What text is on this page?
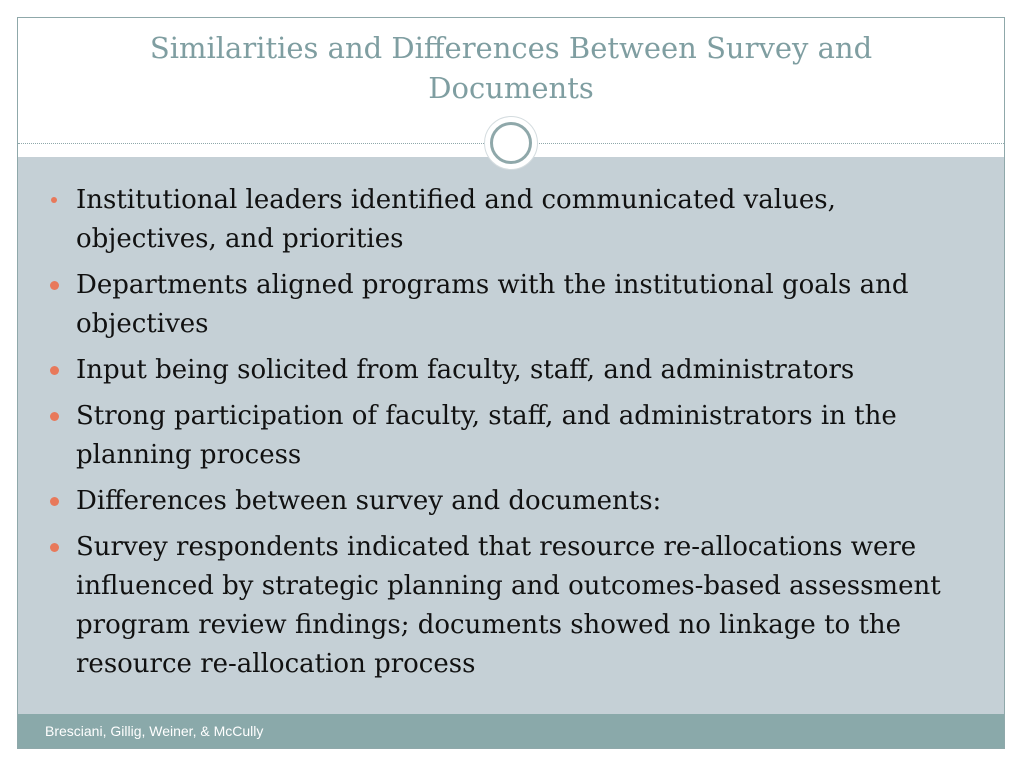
Similarities and Differences Between Survey and Documents
Institutional leaders identified and communicated values, objectives, and priorities
Departments aligned programs with the institutional goals and objectives
Input being solicited from faculty, staff, and administrators
Strong participation of faculty, staff, and administrators in the planning process
Differences between survey and documents:
Survey respondents indicated that resource re-allocations were influenced by strategic planning and outcomes-based assessment program review findings; documents showed no linkage to the resource re-allocation process
Bresciani, Gillig, Weiner, & McCully
